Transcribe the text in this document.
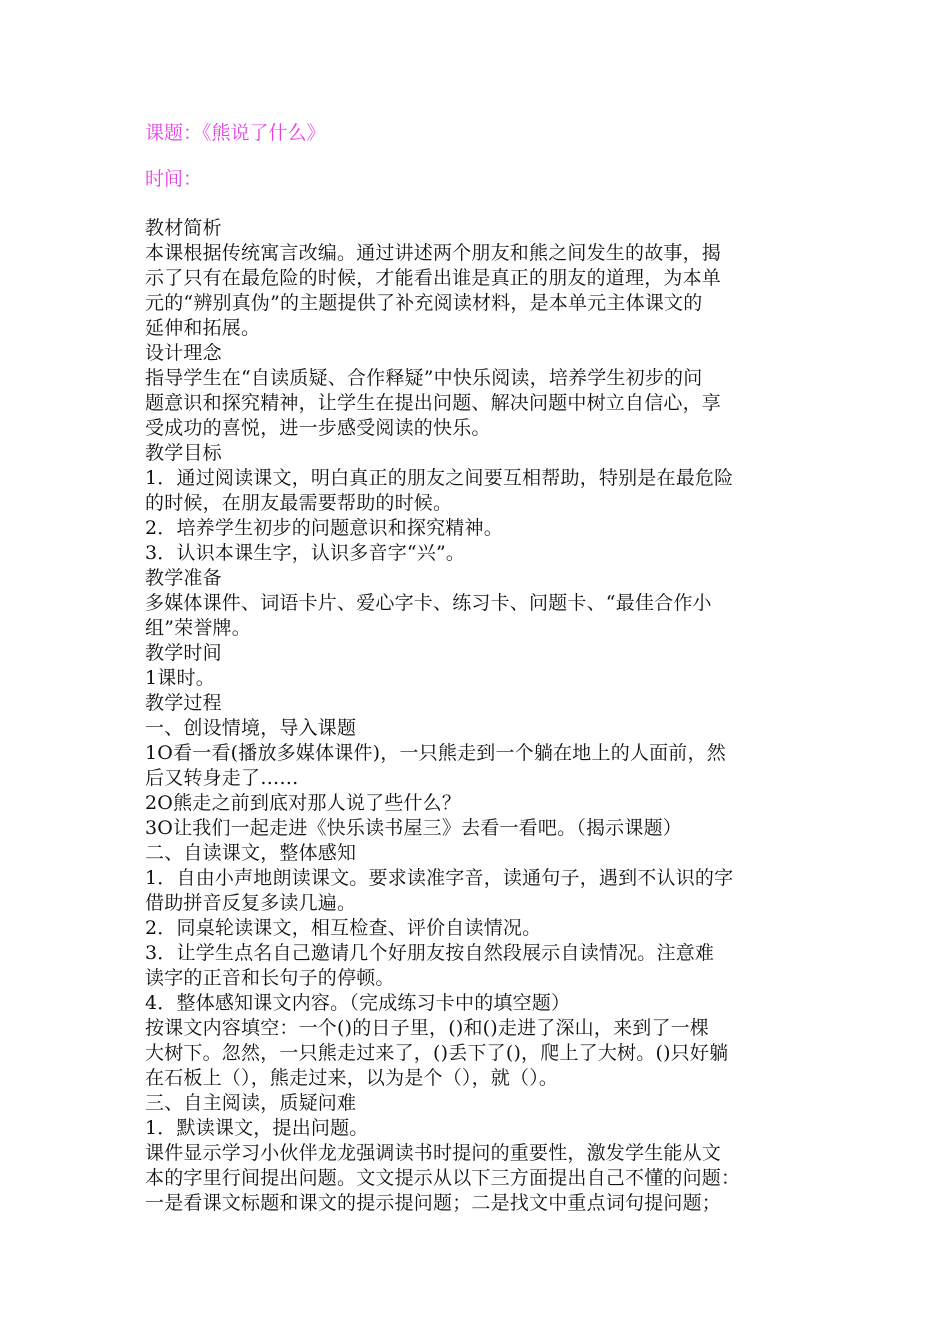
课题：《熊说了什么》

时间：

教材简析

本课根据传统寓言改编。通过讲述两个朋友和熊之间发生的故事，揭

示了只有在最危险的时候，才能看出谁是真正的朋友的道理，为本单

元的“辨别真伪”的主题提供了补充阅读材料，是本单元主体课文的

延伸和拓展。

设计理念

指导学生在“自读质疑、合作释疑”中快乐阅读，培养学生初步的问

题意识和探究精神，让学生在提出问题、解决问题中树立自信心，享

受成功的喜悦，进一步感受阅读的快乐。

教学目标

1．通过阅读课文，明白真正的朋友之间要互相帮助，特别是在最危险

的时候，在朋友最需要帮助的时候。

2．培养学生初步的问题意识和探究精神。

3．认识本课生字，认识多音字“兴”。

教学准备

多媒体课件、词语卡片、爱心字卡、练习卡、问题卡、“最佳合作小

组”荣誉牌。

教学时间

1课时。

教学过程

一、创设情境，导入课题

1O看一看(播放多媒体课件)，一只熊走到一个躺在地上的人面前，然

后又转身走了……

2O熊走之前到底对那人说了些什么？

3O让我们一起走进《快乐读书屋三》去看一看吧。（揭示课题）

二、自读课文，整体感知

1．自由小声地朗读课文。要求读准字音，读通句子，遇到不认识的字

借助拼音反复多读几遍。

2．同桌轮读课文，相互检查、评价自读情况。

3．让学生点名自己邀请几个好朋友按自然段展示自读情况。注意难

读字的正音和长句子的停顿。

4．整体感知课文内容。（完成练习卡中的填空题）

按课文内容填空：一个()的日子里，()和()走进了深山，来到了一棵

大树下。忽然，一只熊走过来了，()丢下了()，爬上了大树。()只好躺

在石板上（），熊走过来，以为是个（），就（）。

三、自主阅读，质疑问难

1．默读课文，提出问题。

课件显示学习小伙伴龙龙强调读书时提问的重要性，激发学生能从文

本的字里行间提出问题。文文提示从以下三方面提出自己不懂的问题：

一是看课文标题和课文的提示提问题；二是找文中重点词句提问题；
